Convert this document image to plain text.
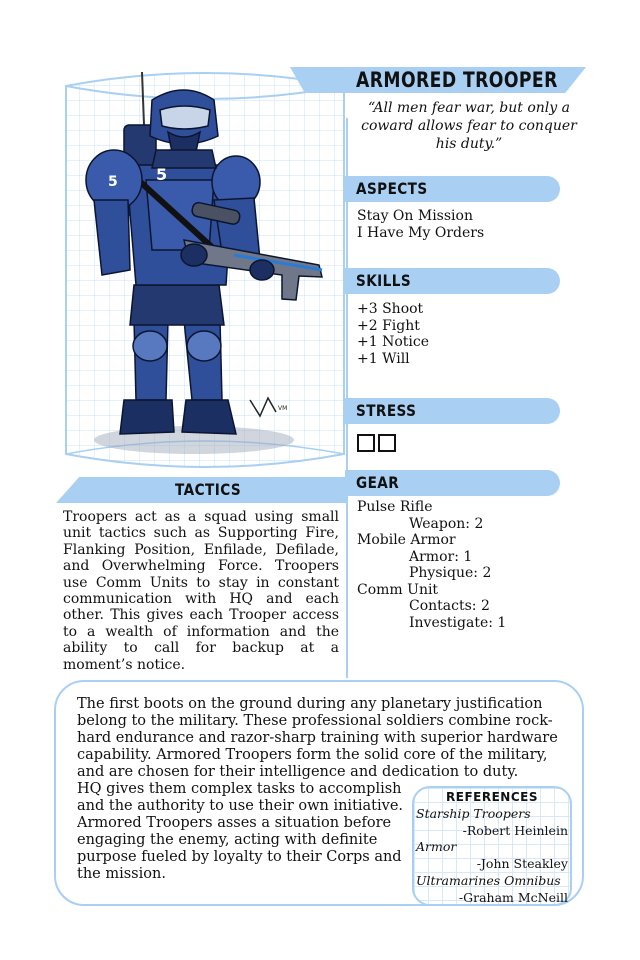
5 5
VM
ARMORED TROOPER
“All men fear war, but only a coward allows fear to conquer his duty.”
ASPECTS
Stay On Mission
I Have My Orders
SKILLS
+3 Shoot
+2 Fight
+1 Notice
+1 Will
STRESS
GEAR
Pulse Rifle
Weapon: 2
Mobile Armor
Armor: 1
Physique: 2
Comm Unit
Contacts: 2
Investigate: 1
TACTICS
Troopers act as a squad using small unit tactics such as Supporting Fire, Flanking Position, Enfilade, Defilade, and Overwhelming Force. Troopers use Comm Units to stay in constant communication with HQ and each other. This gives each Trooper access to a wealth of information and the ability to call for backup at a moment’s notice.
The first boots on the ground during any planetary justification belong to the military. These professional soldiers combine rock-hard endurance and razor-sharp training with superior hardware capability. Armored Troopers form the solid core of the military, and are chosen for their intelligence and dedication to duty.
HQ gives them complex tasks to accomplish and the authority to use their own initiative. Armored Troopers asses a situation before engaging the enemy, acting with definite purpose fueled by loyalty to their Corps and the mission.
REFERENCES
Starship Troopers
-Robert Heinlein
Armor
-John Steakley
Ultramarines Omnibus
-Graham McNeill
